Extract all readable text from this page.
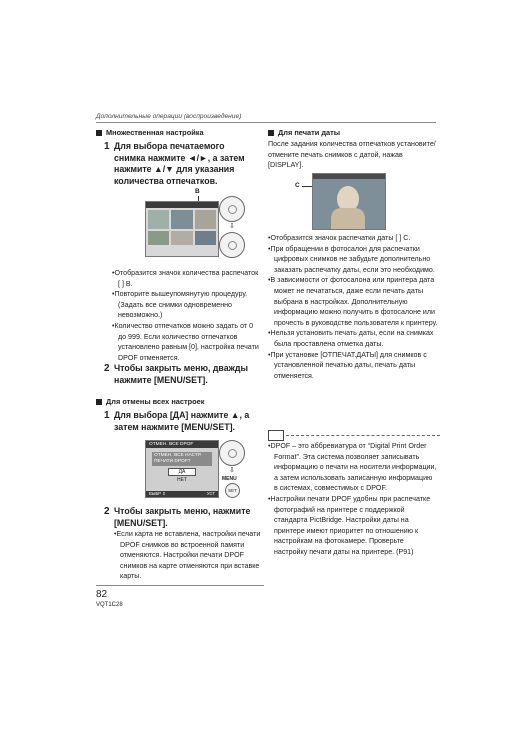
Дополнительные операции (воспроизведение)
Множественная настройка
1 Для выбора печатаемого снимка нажмите ◄/►, а затем нажмите ▲/▼ для указания количества отпечатков.
B
⇩
•Отобразится значок количества распечаток [ ] B.
•Повторите вышеупомянутую процедуру. (Задать все снимки одновременно невозможно.)
•Количество отпечатков можно задать от 0 до 999. Если количество отпечатков установлено равным [0], настройка печати DPOF отменяется.
2 Чтобы закрыть меню, дважды нажмите [MENU/SET].
Для отмены всех настроек
1 Для выбора [ДА] нажмите ▲, а затем нажмите [MENU/SET].
ОТМЕН. ВСЕ DPOF
ОТМЕН. ВСЕ НАСТР.
ПЕЧАТИ DPOF?
ДА
НЕТ
ВЫБР ⇕	УСТ
⇩
MENU
SET
2 Чтобы закрыть меню, нажмите [MENU/SET].
•Если карта не вставлена, настройки печати DPOF снимков во встроенной памяти отменяются. Настройки печати DPOF снимков на карте отменяются при вставке карты.
82
VQT1C28
Для печати даты
После задания количества отпечатков установите/отмените печать снимков с датой, нажав [DISPLAY].
C
•Отобразится значок распечатки даты [ ] C.
•При обращении в фотосалон для распечатки цифровых снимков не забудьте дополнительно заказать распечатку даты, если это необходимо.
•В зависимости от фотосалона или принтера дата может не печататься, даже если печать даты выбрана в настройках. Дополнительную информацию можно получить в фотосалоне или прочесть в руководстве пользователя к принтеру.
•Нельзя установить печать даты, если на снимках была проставлена отметка даты.
•При установке [ОТПЕЧАТ.ДАТЫ] для снимков с установленной печатью даты, печать даты отменяется.
•DPOF – это аббревиатура от “Digital Print Order Format”. Эта система позволяет записывать информацию о печати на носители информации, а затем использовать записанную информацию в системах, совместимых с DPOF.
•Настройки печати DPOF удобны при распечатке фотографий на принтере с поддержкой стандарта PictBridge. Настройки даты на принтере имеют приоритет по отношению к настройкам на фотокамере. Проверьте настройку печати даты на принтере. (P91)
